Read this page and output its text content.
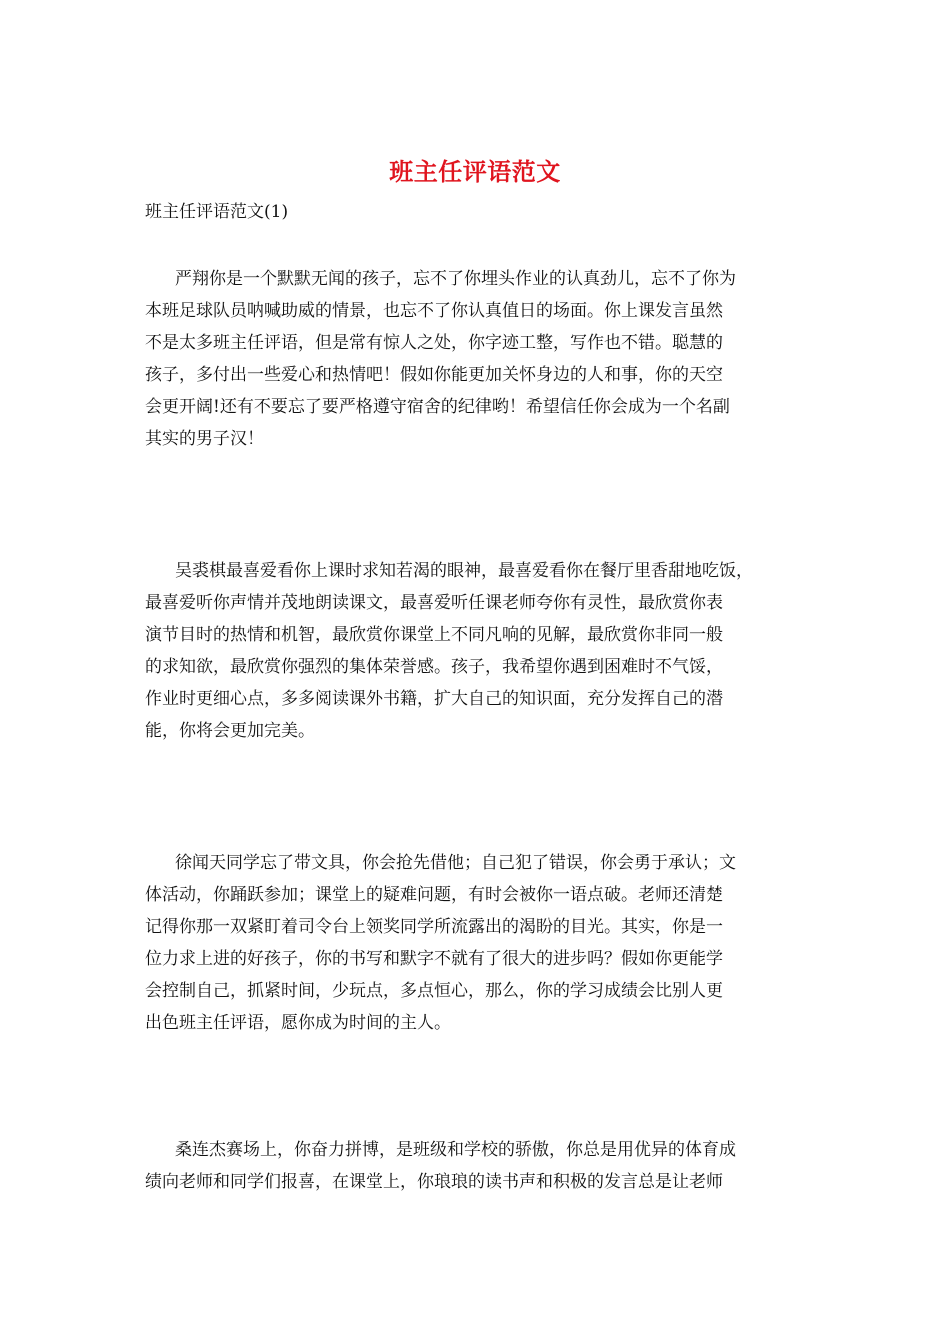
班主任评语范文
班主任评语范文(1)
严翔你是一个默默无闻的孩子，忘不了你埋头作业的认真劲儿，忘不了你为
本班足球队员呐喊助威的情景，也忘不了你认真值日的场面。你上课发言虽然
不是太多班主任评语，但是常有惊人之处，你字迹工整，写作也不错。聪慧的
孩子，多付出一些爱心和热情吧！假如你能更加关怀身边的人和事，你的天空
会更开阔!还有不要忘了要严格遵守宿舍的纪律哟！希望信任你会成为一个名副
其实的男子汉！
吴裘棋最喜爱看你上课时求知若渴的眼神，最喜爱看你在餐厅里香甜地吃饭，
最喜爱听你声情并茂地朗读课文，最喜爱听任课老师夸你有灵性，最欣赏你表
演节目时的热情和机智，最欣赏你课堂上不同凡响的见解，最欣赏你非同一般
的求知欲，最欣赏你强烈的集体荣誉感。孩子，我希望你遇到困难时不气馁，
作业时更细心点，多多阅读课外书籍，扩大自己的知识面，充分发挥自己的潜
能，你将会更加完美。
徐闻天同学忘了带文具，你会抢先借他；自己犯了错误，你会勇于承认；文
体活动，你踊跃参加；课堂上的疑难问题，有时会被你一语点破。老师还清楚
记得你那一双紧盯着司令台上领奖同学所流露出的渴盼的目光。其实，你是一
位力求上进的好孩子，你的书写和默字不就有了很大的进步吗？假如你更能学
会控制自己，抓紧时间，少玩点，多点恒心，那么，你的学习成绩会比别人更
出色班主任评语，愿你成为时间的主人。
桑连杰赛场上，你奋力拼博，是班级和学校的骄傲，你总是用优异的体育成
绩向老师和同学们报喜，在课堂上，你琅琅的读书声和积极的发言总是让老师
